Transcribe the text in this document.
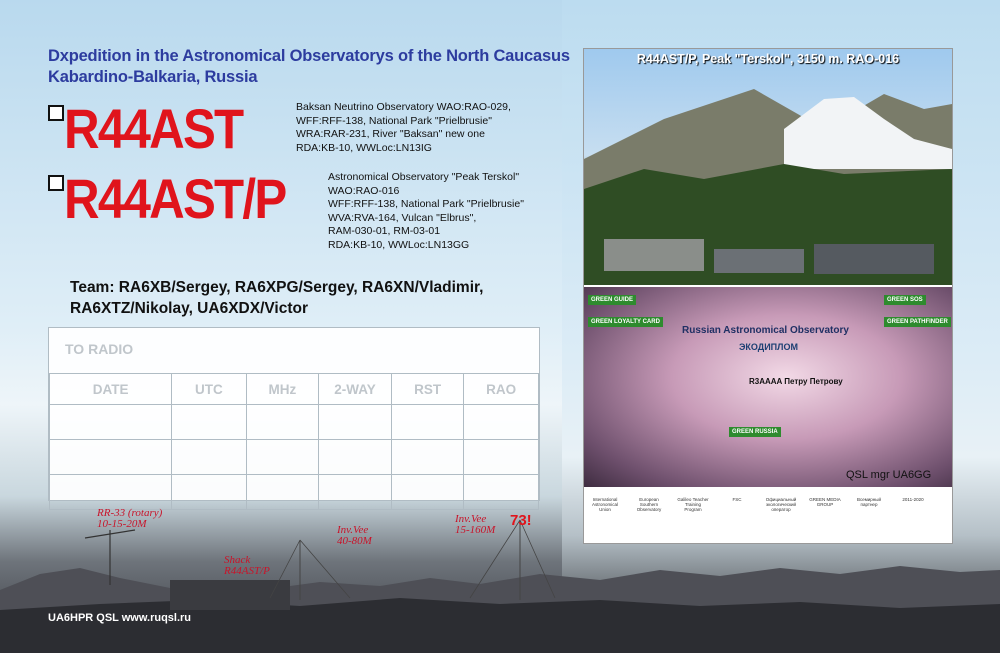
Dxpedition in the Astronomical Observatorys of the North Caucasus
Kabardino-Balkaria, Russia
R44AST	Baksan Neutrino Observatory WAO:RAO-029,
WFF:RFF-138, National Park "Prielbrusie"
WRA:RAR-231, River "Baksan" new one
RDA:KB-10, WWLoc:LN13IG
R44AST/P	Astronomical Observatory "Peak Terskol"
WAO:RAO-016
WFF:RFF-138, National Park "Prielbrusie"
WVA:RVA-164, Vulcan "Elbrus",
RAM-030-01, RM-03-01
RDA:KB-10, WWLoc:LN13GG
Team: RA6XB/Sergey, RA6XPG/Sergey, RA6XN/Vladimir,
RA6XTZ/Nikolay, UA6XDX/Victor
TO RADIO
DATE	UTC	MHz	2-WAY	RST	RAO

RR-33 (rotary)
10-15-20M	Inv.Vee
40-80M
Inv.Vee
15-160M
73!
Shack
R44AST/P
UA6HPR QSL www.ruqsl.ru
R44AST/P, Peak "Terskol", 3150 m. RAO-016
GREEN GUIDE
GREEN LOYALTY CARD
GREEN SOS
GREEN PATHFINDER
Russian Astronomical Observatory
ЭКОДИПЛОМ
R3AAAA Петру Петрову
GREEN RUSSIA
QSL mgr UA6GG
International Astronomical Union
European Southern Observatory
Galileo Teacher Training Program
FSC	Официальный экологический оператор
GREEN MEDIA GROUP
Всемирный партнер
2011-2020
